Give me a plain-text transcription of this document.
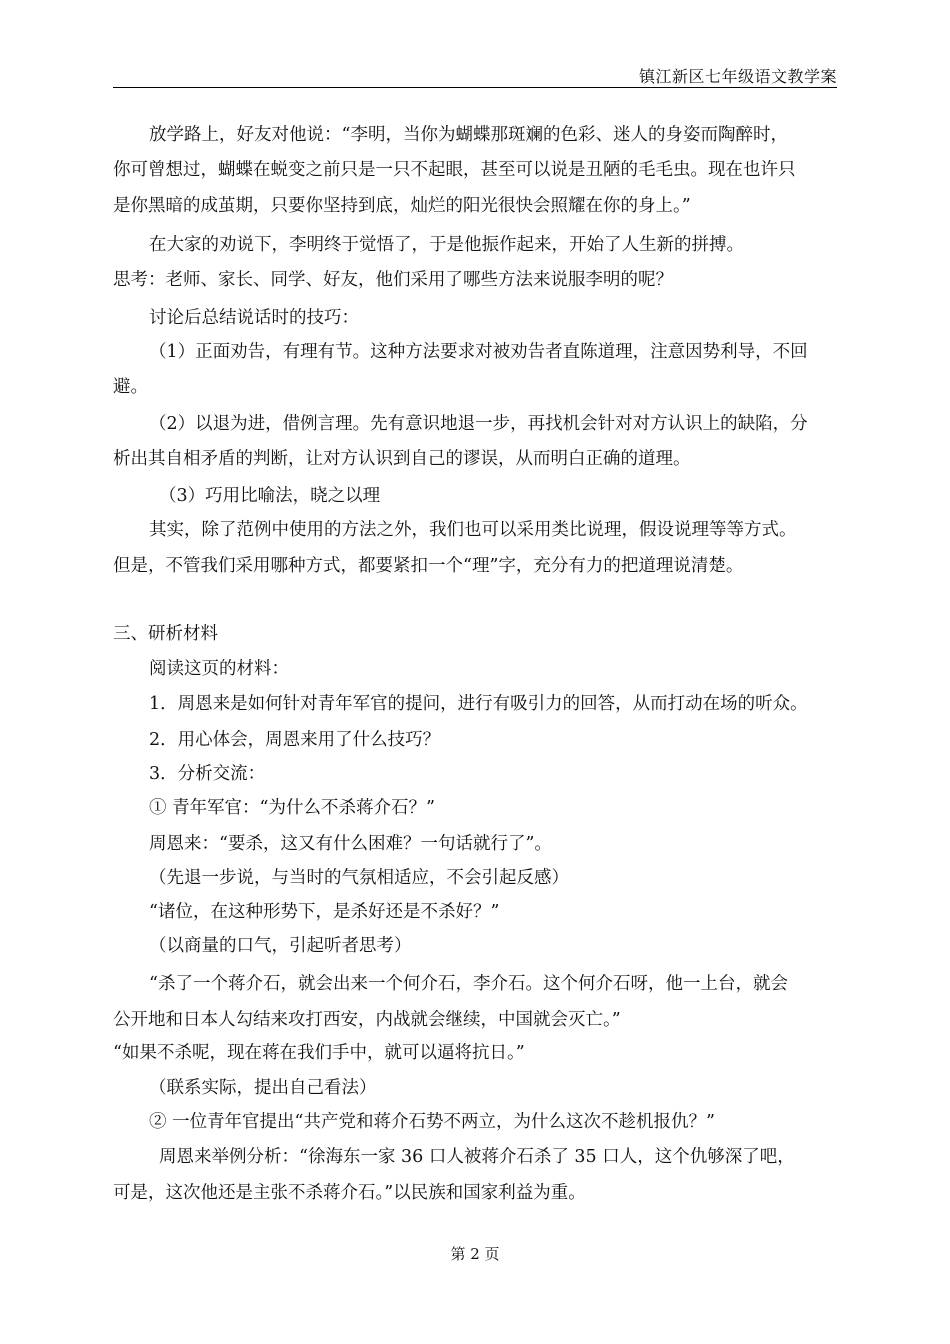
镇江新区七年级语文教学案
放学路上，好友对他说：“李明，当你为蝴蝶那斑斓的色彩、迷人的身姿而陶醉时，
你可曾想过，蝴蝶在蜕变之前只是一只不起眼，甚至可以说是丑陋的毛毛虫。现在也许只
是你黑暗的成茧期，只要你坚持到底，灿烂的阳光很快会照耀在你的身上。”
在大家的劝说下，李明终于觉悟了，于是他振作起来，开始了人生新的拼搏。
思考：老师、家长、同学、好友，他们采用了哪些方法来说服李明的呢？
讨论后总结说话时的技巧：
（1）正面劝告，有理有节。这种方法要求对被劝告者直陈道理，注意因势利导，不回
避。
（2）以退为进，借例言理。先有意识地退一步，再找机会针对对方认识上的缺陷，分
析出其自相矛盾的判断，让对方认识到自己的谬误，从而明白正确的道理。
（3）巧用比喻法，晓之以理
其实，除了范例中使用的方法之外，我们也可以采用类比说理，假设说理等等方式。
但是，不管我们采用哪种方式，都要紧扣一个“理”字，充分有力的把道理说清楚。
三、研析材料
阅读这页的材料：
1．周恩来是如何针对青年军官的提问，进行有吸引力的回答，从而打动在场的听众。
2．用心体会，周恩来用了什么技巧？
3．分析交流：
① 青年军官：“为什么不杀蒋介石？”
周恩来：“要杀，这又有什么困难？一句话就行了”。
（先退一步说，与当时的气氛相适应，不会引起反感）
“诸位，在这种形势下，是杀好还是不杀好？”
（以商量的口气，引起听者思考）
“杀了一个蒋介石，就会出来一个何介石，李介石。这个何介石呀，他一上台，就会
公开地和日本人勾结来攻打西安，内战就会继续，中国就会灭亡。”
“如果不杀呢，现在蒋在我们手中，就可以逼将抗日。”
（联系实际，提出自己看法）
② 一位青年官提出“共产党和蒋介石势不两立，为什么这次不趁机报仇？”
周恩来举例分析：“徐海东一家 36 口人被蒋介石杀了 35 口人，这个仇够深了吧，
可是，这次他还是主张不杀蒋介石。”以民族和国家利益为重。
第 2 页
